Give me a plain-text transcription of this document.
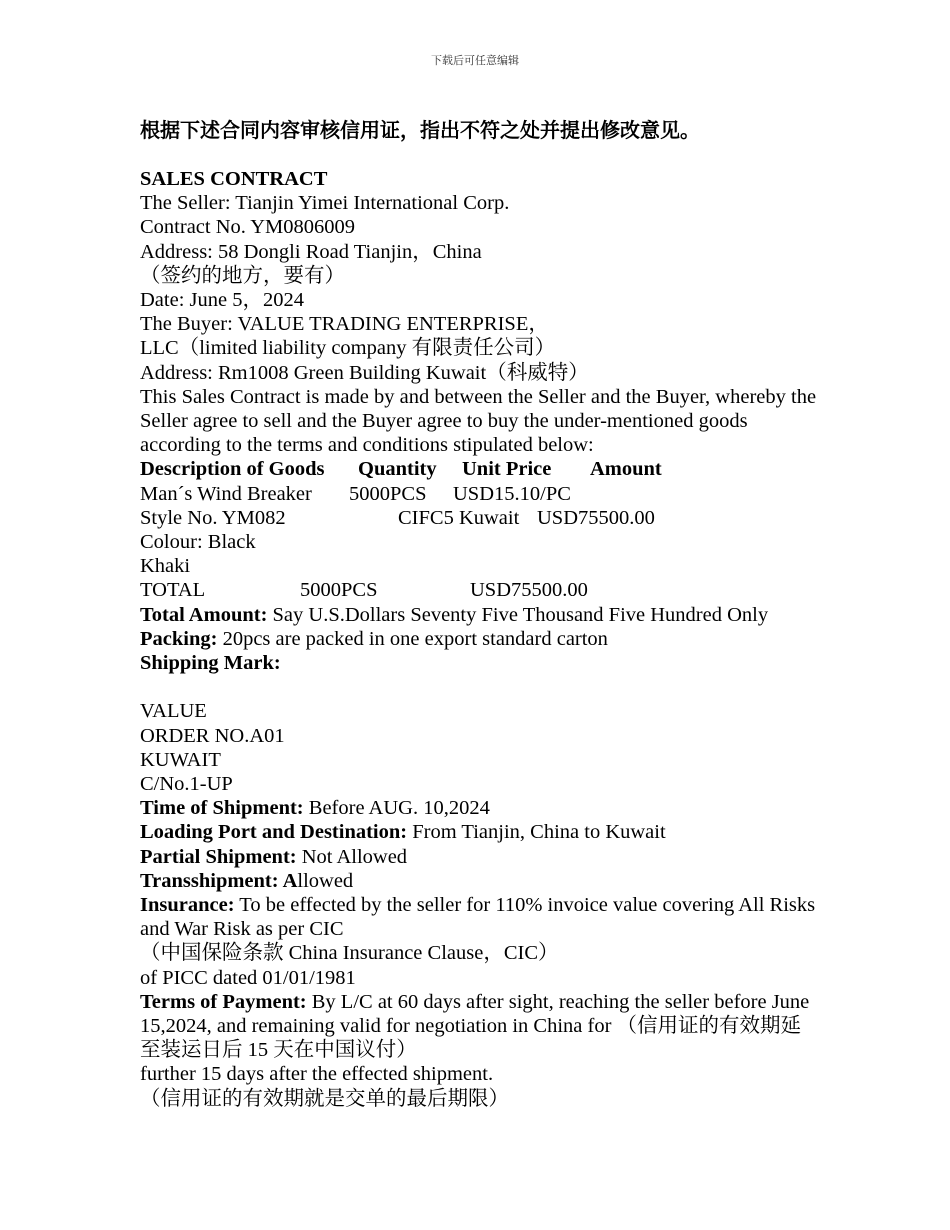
下载后可任意编辑
根据下述合同内容审核信用证，指出不符之处并提出修改意见。
SALES CONTRACT
The Seller: Tianjin Yimei International Corp.
Contract No. YM0806009
Address: 58 Dongli Road Tianjin，China
（签约的地方，要有）
Date: June 5，2024
The Buyer: VALUE TRADING ENTERPRISE，
LLC（limited liability company 有限责任公司）
Address: Rm1008 Green Building Kuwait（科威特）
This Sales Contract is made by and between the Seller and the Buyer, whereby the Seller agree to sell and the Buyer agree to buy the under-mentioned goods according to the terms and conditions stipulated below:
Description of Goods Quantity Unit Price Amount
Man´s Wind Breaker 5000PCS USD15.10/PC
Style No. YM082	CIFC5 Kuwait USD75500.00
Colour: Black
Khaki
TOTAL	5000PCS	USD75500.00
Total Amount: Say U.S.Dollars Seventy Five Thousand Five Hundred Only
Packing: 20pcs are packed in one export standard carton
Shipping Mark:
VALUE
ORDER NO.A01
KUWAIT
C/No.1-UP
Time of Shipment: Before AUG. 10,2024
Loading Port and Destination: From Tianjin, China to Kuwait
Partial Shipment: Not Allowed
Transshipment: Allowed
Insurance: To be effected by the seller for 110% invoice value covering All Risks and War Risk as per CIC
（中国保险条款 China Insurance Clause，CIC）
of PICC dated 01/01/1981
Terms of Payment: By L/C at 60 days after sight, reaching the seller before June 15,2024, and remaining valid for negotiation in China for （信用证的有效期延至装运日后 15 天在中国议付）
further 15 days after the effected shipment.
（信用证的有效期就是交单的最后期限）
